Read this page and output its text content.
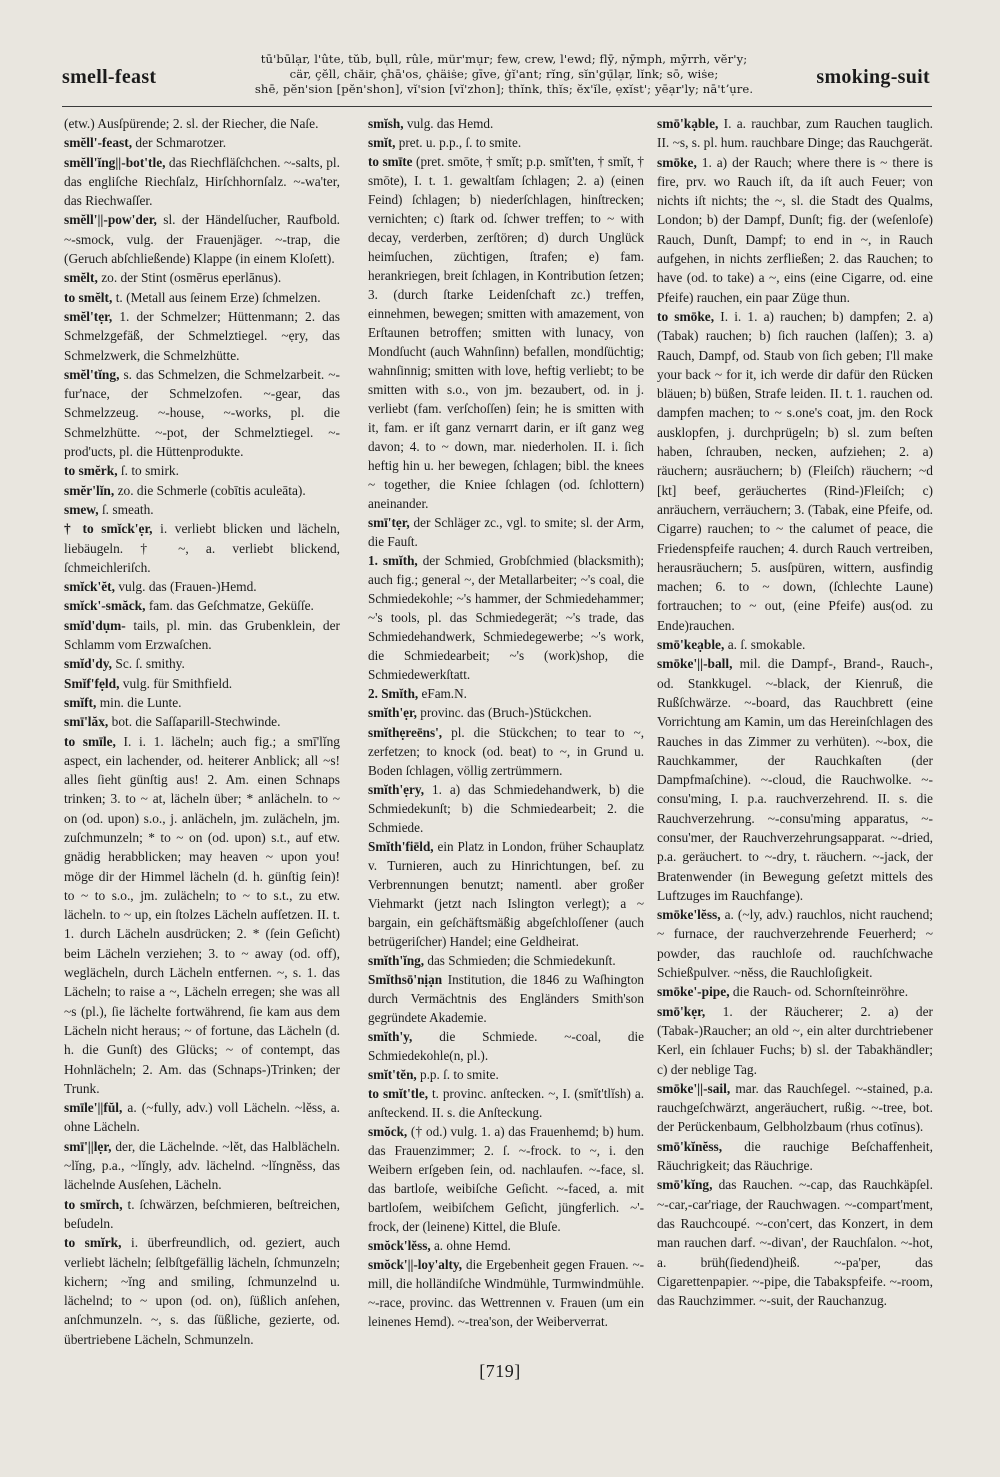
smell-feast
tū'būlạr, l'ûte, tŭb, bụll, rûle, mür'mụr; few, crew, l'ewd; flȳ, nȳmph, mȳrrh, vĕr'y;
cär, çĕll, chăir, çhā'os, çhäiṡe; gīve, ġĭ'ant; rĭng, sĭn'gụ̄lạr, lĭnk; sō, wiṡe;
shē, pĕn'sion [pĕn'shon], vĭ'sion [vĭ'zhon]; thĭnk, thĭs; ĕx'ĭle, ẹxĭst'; yēạr'ly; nā'tʼụre.
smoking-suit

(etw.) Ausſpürende; 2. sl. der Riecher, die Naſe.

smĕll'-feast, der Schmarotzer.

smĕll'ĭng||-bot'tle, das Riechfläſchchen. ~-salts, pl. das engliſche Riechſalz, Hirſchhornſalz. ~-wa'ter, das Riechwaſſer.

smĕll'||-pow'der, sl. der Händelſucher, Raufbold. ~-smock, vulg. der Frauenjäger. ~-trap, die (Geruch abſchließende) Klappe (in einem Kloſett).

smĕlt, zo. der Stint (osmērus eperlānus).

to smĕlt, t. (Metall aus ſeinem Erze) ſchmelzen.

smĕl'tẹr, 1. der Schmelzer; Hüttenmann; 2. das Schmelzgefäß, der Schmelztiegel. ~ẹry, das Schmelzwerk, die Schmelzhütte.

smĕl'tĭng, s. das Schmelzen, die Schmelzarbeit. ~-fur'nace, der Schmelzofen. ~-gear, das Schmelzzeug. ~-house, ~-works, pl. die Schmelzhütte. ~-pot, der Schmelztiegel. ~-prod'ucts, pl. die Hüttenprodukte.

to smĕrk, ſ. to smirk.

smĕr'lĭn, zo. die Schmerle (cobītis aculeāta).

smew, ſ. smeath.

† to smĭck'ẹr, i. verliebt blicken und lächeln, liebäugeln. † ~, a. verliebt blickend, ſchmeichleriſch.

smĭck'ĕt, vulg. das (Frauen-)Hemd.

smĭck'-smăck, fam. das Geſchmatze, Geküſſe.

smĭd'dụm- tails, pl. min. das Grubenklein, der Schlamm vom Erzwaſchen.

smĭd'dy, Sc. ſ. smithy.

Smĭf'fẹld, vulg. für Smithfield.

smĭft, min. die Lunte.

smī'lăx, bot. die Saſſaparill-Stechwinde.

to smīle, I. i. 1. lächeln; auch fig.; a smī'lĭng aspect, ein lachender, od. heiterer Anblick; all ~s! alles ſieht günſtig aus! 2. Am. einen Schnaps trinken; 3. to ~ at, lächeln über; * anlächeln. to ~ on (od. upon) s.o., j. anlächeln, jm. zulächeln, jm. zuſchmunzeln; * to ~ on (od. upon) s.t., auf etw. gnädig herabblicken; may heaven ~ upon you! möge dir der Himmel lächeln (d. h. günſtig ſein)! to ~ to s.o., jm. zulächeln; to ~ to s.t., zu etw. lächeln. to ~ up, ein ſtolzes Lächeln aufſetzen. II. t. 1. durch Lächeln ausdrücken; 2. * (ſein Geſicht) beim Lächeln verziehen; 3. to ~ away (od. off), weglächeln, durch Lächeln entfernen. ~, s. 1. das Lächeln; to raise a ~, Lächeln erregen; she was all ~s (pl.), ſie lächelte fortwährend, ſie kam aus dem Lächeln nicht heraus; ~ of fortune, das Lächeln (d. h. die Gunſt) des Glücks; ~ of contempt, das Hohnlächeln; 2. Am. das (Schnaps-)Trinken; der Trunk.

smīle'||fŭl, a. (~fully, adv.) voll Lächeln. ~lĕss, a. ohne Lächeln.

smī'||lẹr, der, die Lächelnde. ~lĕt, das Halblächeln. ~lĭng, p.a., ~lĭngly, adv. lächelnd. ~lĭngnĕss, das lächelnde Ausſehen, Lächeln.

to smĭrch, t. ſchwärzen, beſchmieren, beſtreichen, beſudeln.

to smĭrk, i. überfreundlich, od. geziert, auch verliebt lächeln; ſelbſtgefällig lächeln, ſchmunzeln; kichern; ~ĭng and smiling, ſchmunzelnd u. lächelnd; to ~ upon (od. on), ſüßlich anſehen, anſchmunzeln. ~, s. das ſüßliche, gezierte, od. übertriebene Lächeln, Schmunzeln.

smĭsh, vulg. das Hemd.

smĭt, pret. u. p.p., ſ. to smite.

to smīte (pret. smōte, † smĭt; p.p. smĭt'ten, † smĭt, † smōte), I. t. 1. gewaltſam ſchlagen; 2. a) (einen Feind) ſchlagen; b) niederſchlagen, hinſtrecken; vernichten; c) ſtark od. ſchwer treffen; to ~ with decay, verderben, zerſtören; d) durch Unglück heimſuchen, züchtigen, ſtrafen; e) fam. herankriegen, breit ſchlagen, in Kontribution ſetzen; 3. (durch ſtarke Leidenſchaft zc.) treffen, einnehmen, bewegen; smitten with amazement, von Erſtaunen betroffen; smitten with lunacy, von Mondſucht (auch Wahnſinn) befallen, mondſüchtig; wahnſinnig; smitten with love, heftig verliebt; to be smitten with s.o., von jm. bezaubert, od. in j. verliebt (fam. verſchoſſen) ſein; he is smitten with it, fam. er iſt ganz vernarrt darin, er iſt ganz weg davon; 4. to ~ down, mar. niederholen. II. i. ſich heftig hin u. her bewegen, ſchlagen; bibl. the knees ~ together, die Kniee ſchlagen (od. ſchlottern) aneinander.

smī'tẹr, der Schläger zc., vgl. to smite; sl. der Arm, die Fauſt.

1. smĭth, der Schmied, Grobſchmied (blacksmith); auch fig.; general ~, der Metallarbeiter; ~'s coal, die Schmiedekohle; ~'s hammer, der Schmiedehammer; ~'s tools, pl. das Schmiedegerät; ~'s trade, das Schmiedehandwerk, Schmiedegewerbe; ~'s work, die Schmiedearbeit; ~'s (work)shop, die Schmiedewerkſtatt.

2. Smĭth, eFam.N.

smĭth'ẹr, provinc. das (Bruch-)Stückchen.

smĭthẹreēns', pl. die Stückchen; to tear to ~, zerfetzen; to knock (od. beat) to ~, in Grund u. Boden ſchlagen, völlig zertrümmern.

smĭth'ẹry, 1. a) das Schmiedehandwerk, b) die Schmiedekunſt; b) die Schmiedearbeit; 2. die Schmiede.

Smĭth'fiēld, ein Platz in London, früher Schauplatz v. Turnieren, auch zu Hinrichtungen, beſ. zu Verbrennungen benutzt; namentl. aber großer Viehmarkt (jetzt nach Islington verlegt); a ~ bargain, ein geſchäftsmäßig abgeſchloſſener (auch betrügeriſcher) Handel; eine Geldheirat.

smĭth'ĭng, das Schmieden; die Schmiedekunſt.

Smĭthsō'nịạn Institution, die 1846 zu Waſhington durch Vermächtnis des Engländers Smith'son gegründete Akademie.

smĭth'y, die Schmiede. ~-coal, die Schmiedekohle(n, pl.).

smĭt'tĕn, p.p. ſ. to smite.

to smĭt'tle, t. provinc. anſtecken. ~, I. (smĭt'tlĭsh) a. anſteckend. II. s. die Anſteckung.

smŏck, († od.) vulg. 1. a) das Frauenhemd; b) hum. das Frauenzimmer; 2. ſ. ~-frock. to ~, i. den Weibern erſgeben ſein, od. nachlaufen. ~-face, sl. das bartloſe, weibiſche Geſicht. ~-faced, a. mit bartloſem, weibiſchem Geſicht, jüngferlich. ~'-frock, der (leinene) Kittel, die Bluſe.

smŏck'lĕss, a. ohne Hemd.

smŏck'||-loy'alty, die Ergebenheit gegen Frauen. ~-mill, die holländiſche Windmühle, Turmwindmühle. ~-race, provinc. das Wettrennen v. Frauen (um ein leinenes Hemd). ~-trea'son, der Weiberverrat.

smō'kạble, I. a. rauchbar, zum Rauchen tauglich. II. ~s, s. pl. hum. rauchbare Dinge; das Rauchgerät.

smōke, 1. a) der Rauch; where there is ~ there is fire, prv. wo Rauch iſt, da iſt auch Feuer; von nichts iſt nichts; the ~, sl. die Stadt des Qualms, London; b) der Dampf, Dunſt; fig. der (weſenloſe) Rauch, Dunſt, Dampf; to end in ~, in Rauch aufgehen, in nichts zerfließen; 2. das Rauchen; to have (od. to take) a ~, eins (eine Cigarre, od. eine Pfeife) rauchen, ein paar Züge thun.

to smōke, I. i. 1. a) rauchen; b) dampfen; 2. a) (Tabak) rauchen; b) ſich rauchen (laſſen); 3. a) Rauch, Dampf, od. Staub von ſich geben; I'll make your back ~ for it, ich werde dir dafür den Rücken bläuen; b) büßen, Strafe leiden. II. t. 1. rauchen od. dampfen machen; to ~ s.one's coat, jm. den Rock ausklopfen, j. durchprügeln; b) sl. zum beſten haben, ſchrauben, necken, aufziehen; 2. a) räuchern; ausräuchern; b) (Fleiſch) räuchern; ~d [kt] beef, geräuchertes (Rind-)Fleiſch; c) anräuchern, verräuchern; 3. (Tabak, eine Pfeife, od. Cigarre) rauchen; to ~ the calumet of peace, die Friedenspfeife rauchen; 4. durch Rauch vertreiben, herausräuchern; 5. ausſpüren, wittern, ausfindig machen; 6. to ~ down, (ſchlechte Laune) fortrauchen; to ~ out, (eine Pfeife) aus(od. zu Ende)rauchen.

smō'keạble, a. ſ. smokable.

smōke'||-ball, mil. die Dampf-, Brand-, Rauch-, od. Stankkugel. ~-black, der Kienruß, die Rußſchwärze. ~-board, das Rauchbrett (eine Vorrichtung am Kamin, um das Hereinſchlagen des Rauches in das Zimmer zu verhüten). ~-box, die Rauchkammer, der Rauchkaſten (der Dampfmaſchine). ~-cloud, die Rauchwolke. ~-consu'ming, I. p.a. rauchverzehrend. II. s. die Rauchverzehrung. ~-consu'ming apparatus, ~-consu'mer, der Rauchverzehrungsapparat. ~-dried, p.a. geräuchert. to ~-dry, t. räuchern. ~-jack, der Bratenwender (in Bewegung geſetzt mittels des Luftzuges im Rauchfange).

smōke'lĕss, a. (~ly, adv.) rauchlos, nicht rauchend; ~ furnace, der rauchverzehrende Feuerherd; ~ powder, das rauchloſe od. rauchſchwache Schießpulver. ~nĕss, die Rauchloſigkeit.

smōke'-pipe, die Rauch- od. Schornſteinröhre.

smō'kẹr, 1. der Räucherer; 2. a) der (Tabak-)Raucher; an old ~, ein alter durchtriebener Kerl, ein ſchlauer Fuchs; b) sl. der Tabakhändler; c) der neblige Tag.

smōke'||-sail, mar. das Rauchſegel. ~-stained, p.a. rauchgeſchwärzt, angeräuchert, rußig. ~-tree, bot. der Perückenbaum, Gelbholzbaum (rhus cotīnus).

smō'kĭnĕss, die rauchige Beſchaffenheit, Räuchrigkeit; das Räuchrige.

smō'kĭng, das Rauchen. ~-cap, das Rauchkäpſel. ~-car,-car'riage, der Rauchwagen. ~-compart'ment, das Rauchcoupé. ~-con'cert, das Konzert, in dem man rauchen darf. ~-divan', der Rauchſalon. ~-hot, a. brüh(ſiedend)heiß. ~-pa'per, das Cigarettenpapier. ~-pipe, die Tabakspfeife. ~-room, das Rauchzimmer. ~-suit, der Rauchanzug.

[719]
